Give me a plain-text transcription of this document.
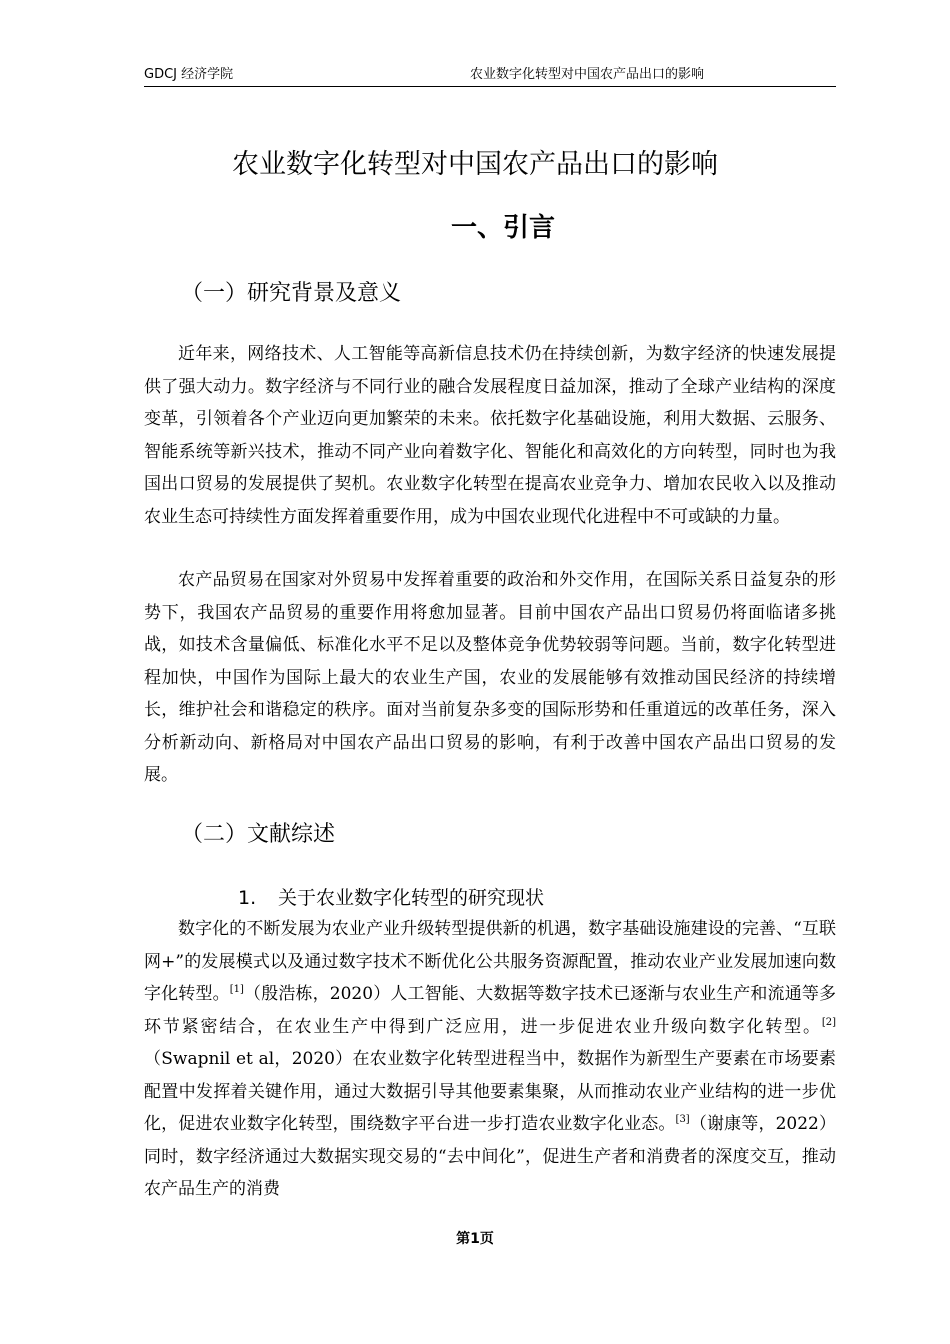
GDCJ 经济学院	农业数字化转型对中国农产品出口的影响
农业数字化转型对中国农产品出口的影响
一、引言
（一）研究背景及意义

近年来，网络技术、人工智能等高新信息技术仍在持续创新，为数字经济的快速发展提供了强大动力。数字经济与不同行业的融合发展程度日益加深，推动了全球产业结构的深度变革，引领着各个产业迈向更加繁荣的未来。依托数字化基础设施，利用大数据、云服务、智能系统等新兴技术，推动不同产业向着数字化、智能化和高效化的方向转型，同时也为我国出口贸易的发展提供了契机。农业数字化转型在提高农业竞争力、增加农民收入以及推动农业生态可持续性方面发挥着重要作用，成为中国农业现代化进程中不可或缺的力量。

农产品贸易在国家对外贸易中发挥着重要的政治和外交作用，在国际关系日益复杂的形势下，我国农产品贸易的重要作用将愈加显著。目前中国农产品出口贸易仍将面临诸多挑战，如技术含量偏低、标准化水平不足以及整体竞争优势较弱等问题。当前，数字化转型进程加快，中国作为国际上最大的农业生产国，农业的发展能够有效推动国民经济的持续增长，维护社会和谐稳定的秩序。面对当前复杂多变的国际形势和任重道远的改革任务，深入分析新动向、新格局对中国农产品出口贸易的影响，有利于改善中国农产品出口贸易的发展。

（二）文献综述
1. 关于农业数字化转型的研究现状

数字化的不断发展为农业产业升级转型提供新的机遇，数字基础设施建设的完善、“互联网+”的发展模式以及通过数字技术不断优化公共服务资源配置，推动农业产业发展加速向数字化转型。[1]（殷浩栋，2020）人工智能、大数据等数字技术已逐渐与农业生产和流通等多环节紧密结合，在农业生产中得到广泛应用，进一步促进农业升级向数字化转型。[2]（Swapnil et al，2020）在农业数字化转型进程当中，数据作为新型生产要素在市场要素配置中发挥着关键作用，通过大数据引导其他要素集聚，从而推动农业产业结构的进一步优化，促进农业数字化转型，围绕数字平台进一步打造农业数字化业态。[3]（谢康等，2022）同时，数字经济通过大数据实现交易的“去中间化”，促进生产者和消费者的深度交互，推动农产品生产的消费

第1页
